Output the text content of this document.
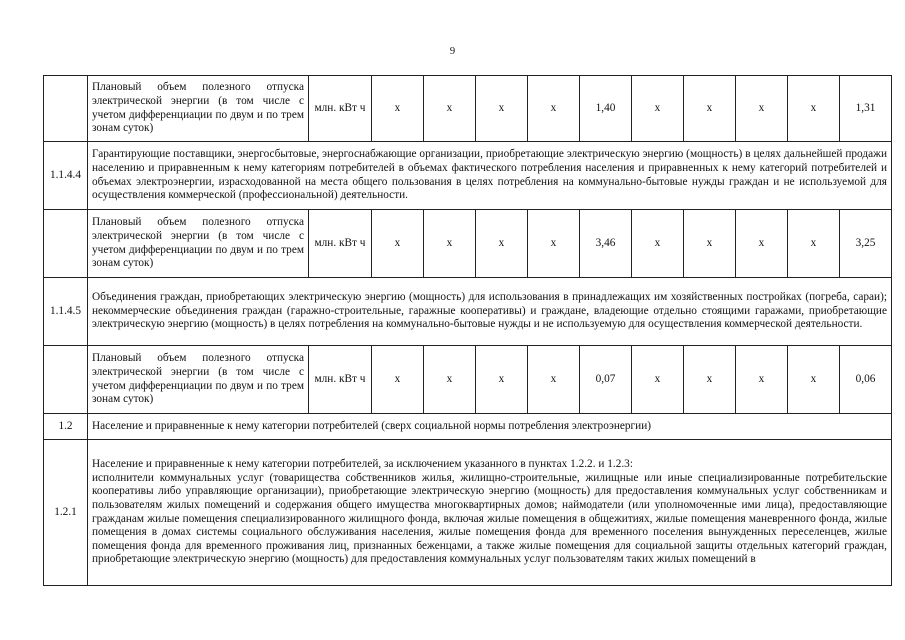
9
	Плановый объем полезного отпуска электрической энергии (в том числе с учетом дифференциации по двум и по трем зонам суток)	млн. кВт ч	х	х	х	х	1,40	х	х	х	х	1,31
1.1.4.4	Гарантирующие поставщики, энергосбытовые, энергоснабжающие организации, приобретающие электрическую энергию (мощность) в целях дальнейшей продажи населению и приравненным к нему категориям потребителей в объемах фактического потребления населения и приравненных к нему категорий потребителей и объемах электроэнергии, израсходованной на места общего пользования в целях потребления на коммунально-бытовые нужды граждан и не используемой для осуществления коммерческой (профессиональной) деятельности.											
	Плановый объем полезного отпуска электрической энергии (в том числе с учетом дифференциации по двум и по трем зонам суток)	млн. кВт ч	х	х	х	х	3,46	х	х	х	х	3,25
1.1.4.5	Объединения граждан, приобретающих электрическую энергию (мощность) для использования в принадлежащих им хозяйственных постройках (погреба, сараи); некоммерческие объединения граждан (гаражно-строительные, гаражные кооперативы) и граждане, владеющие отдельно стоящими гаражами, приобретающие электрическую энергию (мощность) в целях потребления на коммунально-бытовые нужды и не используемую для осуществления коммерческой деятельности.											
	Плановый объем полезного отпуска электрической энергии (в том числе с учетом дифференциации по двум и по трем зонам суток)	млн. кВт ч	х	х	х	х	0,07	х	х	х	х	0,06
1.2	Население и приравненные к нему категории потребителей (сверх социальной нормы потребления электроэнергии)											
1.2.1	Население и приравненные к нему категории потребителей, за исключением указанного в пунктах 1.2.2. и 1.2.3:
исполнители коммунальных услуг (товарищества собственников жилья, жилищно-строительные, жилищные или иные специализированные потребительские кооперативы либо управляющие организации), приобретающие электрическую энергию (мощность) для предоставления коммунальных услуг собственникам и пользователям жилых помещений и содержания общего имущества многоквартирных домов; наймодатели (или уполномоченные ими лица), предоставляющие гражданам жилые помещения специализированного жилищного фонда, включая жилые помещения в общежитиях, жилые помещения маневренного фонда, жилые помещения в домах системы социального обслуживания населения, жилые помещения фонда для временного поселения вынужденных переселенцев, жилые помещения фонда для временного проживания лиц, признанных беженцами, а также жилые помещения для социальной защиты отдельных категорий граждан, приобретающие электрическую энергию (мощность) для предоставления коммунальных услуг пользователям таких жилых помещений в											
